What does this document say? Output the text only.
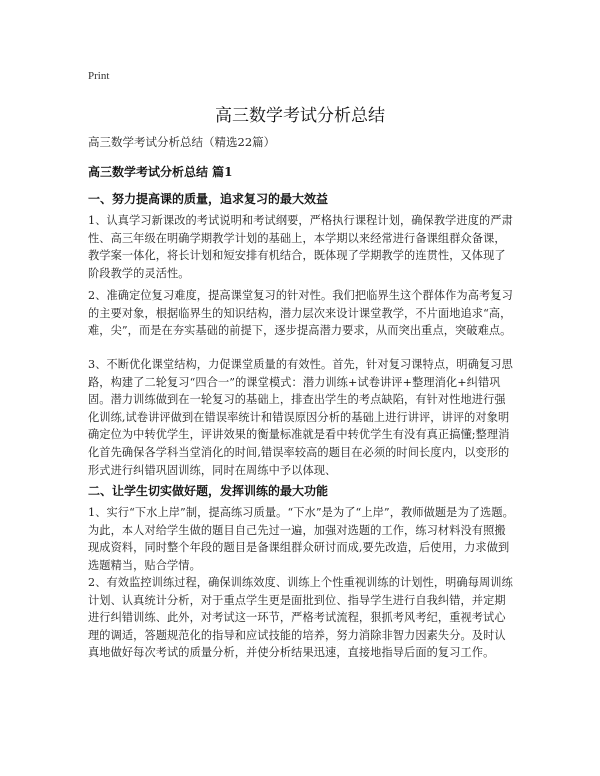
Print
高三数学考试分析总结
高三数学考试分析总结（精选22篇）
高三数学考试分析总结 篇1
一、努力提高课的质量，追求复习的最大效益
1、认真学习新课改的考试说明和考试纲要，严格执行课程计划，确保教学进度的严肃性、高三年级在明确学期教学计划的基础上，本学期以来经常进行备课组群众备课，教学案一体化，将长计划和短安排有机结合，既体现了学期教学的连贯性，又体现了阶段教学的灵活性。
2、准确定位复习难度，提高课堂复习的针对性。我们把临界生这个群体作为高考复习的主要对象，根据临界生的知识结构，潜力层次来设计课堂教学，不片面地追求“高，难，尖”，而是在夯实基础的前提下，逐步提高潜力要求，从而突出重点，突破难点。
3、不断优化课堂结构，力促课堂质量的有效性。首先，针对复习课特点，明确复习思路，构建了二轮复习“四合一”的课堂模式：潜力训练+试卷讲评+整理消化+纠错巩固。潜力训练做到在一轮复习的基础上，排查出学生的考点缺陷，有针对性地进行强化训练,试卷讲评做到在错误率统计和错误原因分析的基础上进行讲评，讲评的对象明确定位为中转优学生，评讲效果的衡量标准就是看中转优学生有没有真正搞懂;整理消化首先确保各学科当堂消化的时间,错误率较高的题目在必须的时间长度内，以变形的形式进行纠错巩固训练，同时在周练中予以体现、
二、让学生切实做好题，发挥训练的最大功能
1、实行“下水上岸”制，提高练习质量。“下水”是为了“上岸”，教师做题是为了选题。为此，本人对给学生做的题目自己先过一遍，加强对选题的工作，练习材料没有照搬现成资料，同时整个年段的题目是备课组群众研讨而成,要先改造，后使用，力求做到选题精当，贴合学情。
2、有效监控训练过程，确保训练效度、训练上个性重视训练的计划性，明确每周训练计划、认真统计分析，对于重点学生更是面批到位、指导学生进行自我纠错，并定期进行纠错训练、此外，对考试这一环节，严格考试流程，狠抓考风考纪，重视考试心理的调适，答题规范化的指导和应试技能的培养，努力消除非智力因素失分。及时认真地做好每次考试的质量分析，并使分析结果迅速，直接地指导后面的复习工作。
